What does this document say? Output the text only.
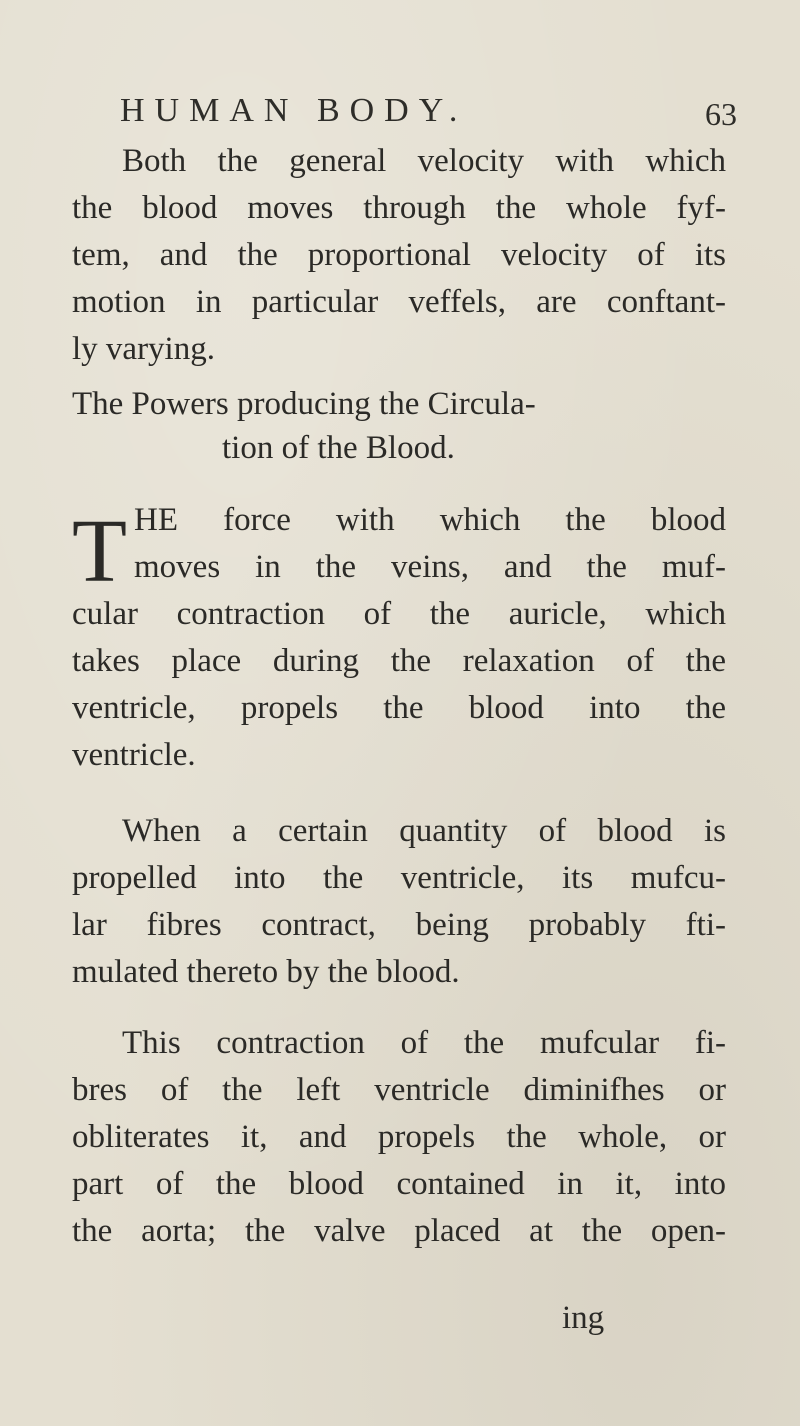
HUMAN BODY.	63
Both the general velocity with which
the blood moves through the whole fyf-
tem, and the proportional velocity of its
motion in particular veffels, are conftant-
ly varying.
The Powers producing the Circula-
tion of the Blood.
T HE force with which the blood
moves in the veins, and the muf-
cular contraction of the auricle, which
takes place during the relaxation of the
ventricle, propels the blood into the
ventricle.
When a certain quantity of blood is
propelled into the ventricle, its mufcu-
lar fibres contract, being probably fti-
mulated thereto by the blood.
This contraction of the mufcular fi-
bres of the left ventricle diminifhes or
obliterates it, and propels the whole, or
part of the blood contained in it, into
the aorta; the valve placed at the open-
ing
